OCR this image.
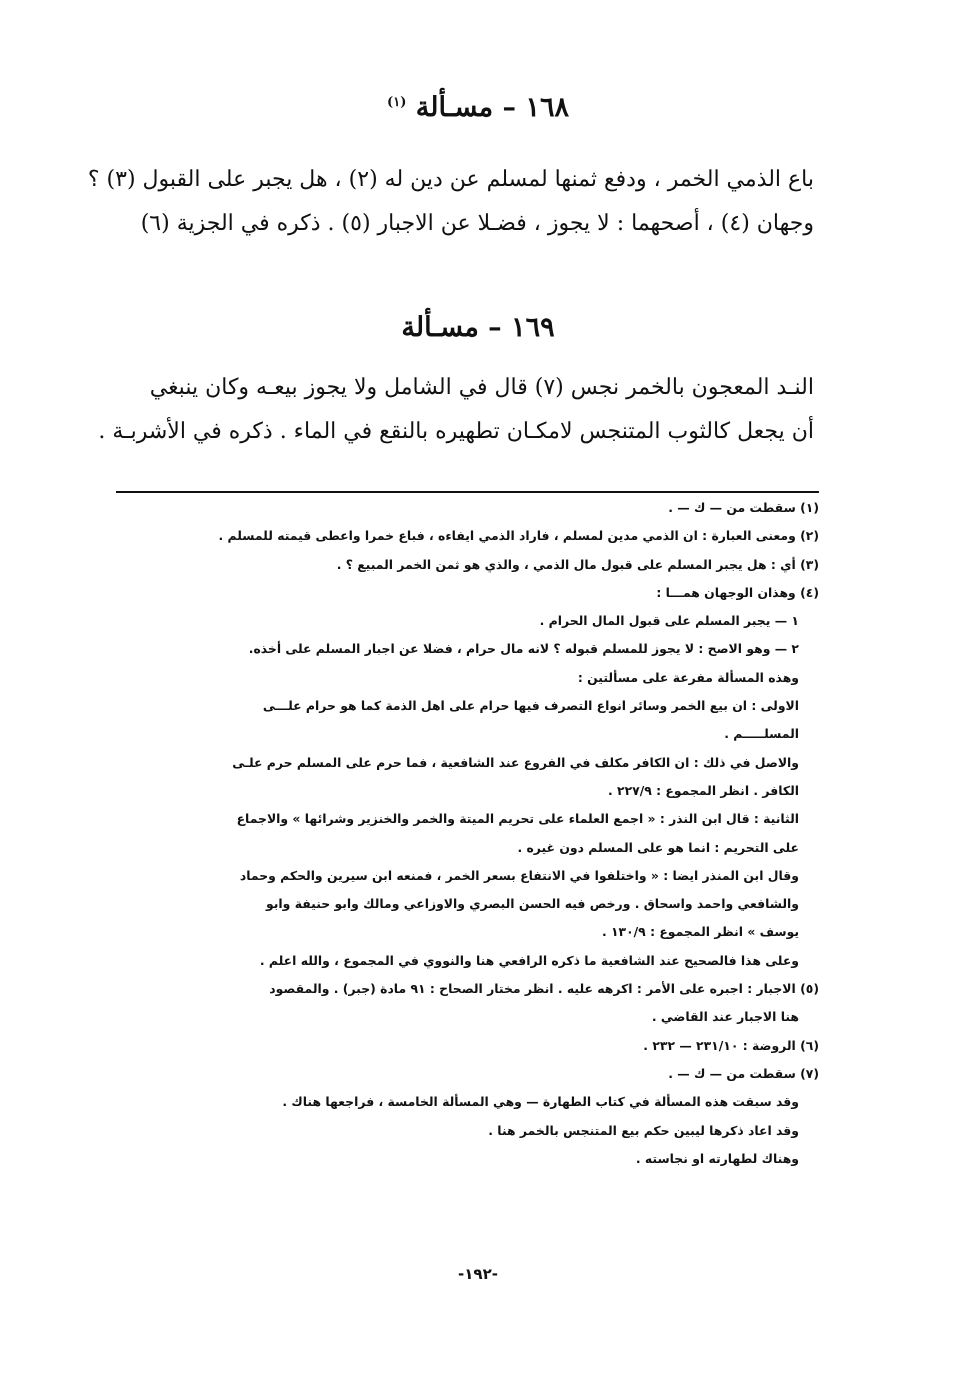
١٦٨ – مسـألة $^{(١)}$
باع الذمي الخمر ، ودفع ثمنها لمسلم عن دين له (٢) ، هل يجبر على القبول (٣) ؟
وجهان (٤) ، أصحهما : لا يجوز ، فضـلا عن الاجبار (٥) . ذكره في الجزية (٦)
١٦٩ – مسـألة
النـد المعجون بالخمر نجس (٧) قال في الشامل ولا يجوز بيعـه وكان ينبغي
أن يجعل كالثوب المتنجس لامكـان تطهيره بالنقع في الماء . ذكره في الأشربـة .
(١) سقطت من — ك — .
(٢) ومعنى العبارة : ان الذمي مدين لمسلم ، فاراد الذمي ايفاءه ، فباع خمرا واعطى قيمته للمسلم .
(٣) أي : هل يجبر المسلم على قبول مال الذمي ، والذي هو ثمن الخمر المبيع ؟ .
(٤) وهذان الوجهان همـــا :
١ — يجبر المسلم على قبول المال الحرام .
٢ — وهو الاصح : لا يجوز للمسلم قبوله ؟ لانه مال حرام ، فضلا عن اجبار المسلم على أخذه.
وهذه المسألة مفرعة على مسألتين :
الاولى : ان بيع الخمر وسائر انواع التصرف فيها حرام على اهل الذمة كما هو حرام علـــى
المسلـــــم .
والاصل في ذلك : ان الكافر مكلف في الفروع عند الشافعية ، فما حرم على المسلم حرم علـى
الكافر . انظر المجموع : ٢٢٧/٩ .
الثانية : قال ابن النذر : « اجمع العلماء على تحريم الميتة والخمر والخنزير وشرائها » والاجماع
على التحريم : انما هو على المسلم دون غيره .
وقال ابن المنذر ايضا : « واختلفوا في الانتفاع بسعر الخمر ، فمنعه ابن سيرين والحكم وحماد
والشافعي واحمد واسحاق . ورخص فيه الحسن البصري والاوزاعي ومالك وابو حنيفة وابو
يوسف » انظر المجموع : ١٣٠/٩ .
وعلى هذا فالصحيح عند الشافعية ما ذكره الرافعي هنا والنووي في المجموع ، والله اعلم .
(٥) الاجبار : اجبره على الأمر : اكرهه عليه . انظر مختار الصحاح : ٩١ مادة (جبر) . والمقصود
هنا الاجبار عند القاضي .
(٦) الروضة : ٢٣١/١٠ — ٢٣٢ .
(٧) سقطت من — ك — .
وقد سبقت هذه المسألة في كتاب الطهارة — وهي المسألة الخامسة ، فراجعها هناك .
وقد اعاد ذكرها ليبين حكم بيع المتنجس بالخمر هنا .
وهناك لطهارته او نجاسته .
-١٩٢-
